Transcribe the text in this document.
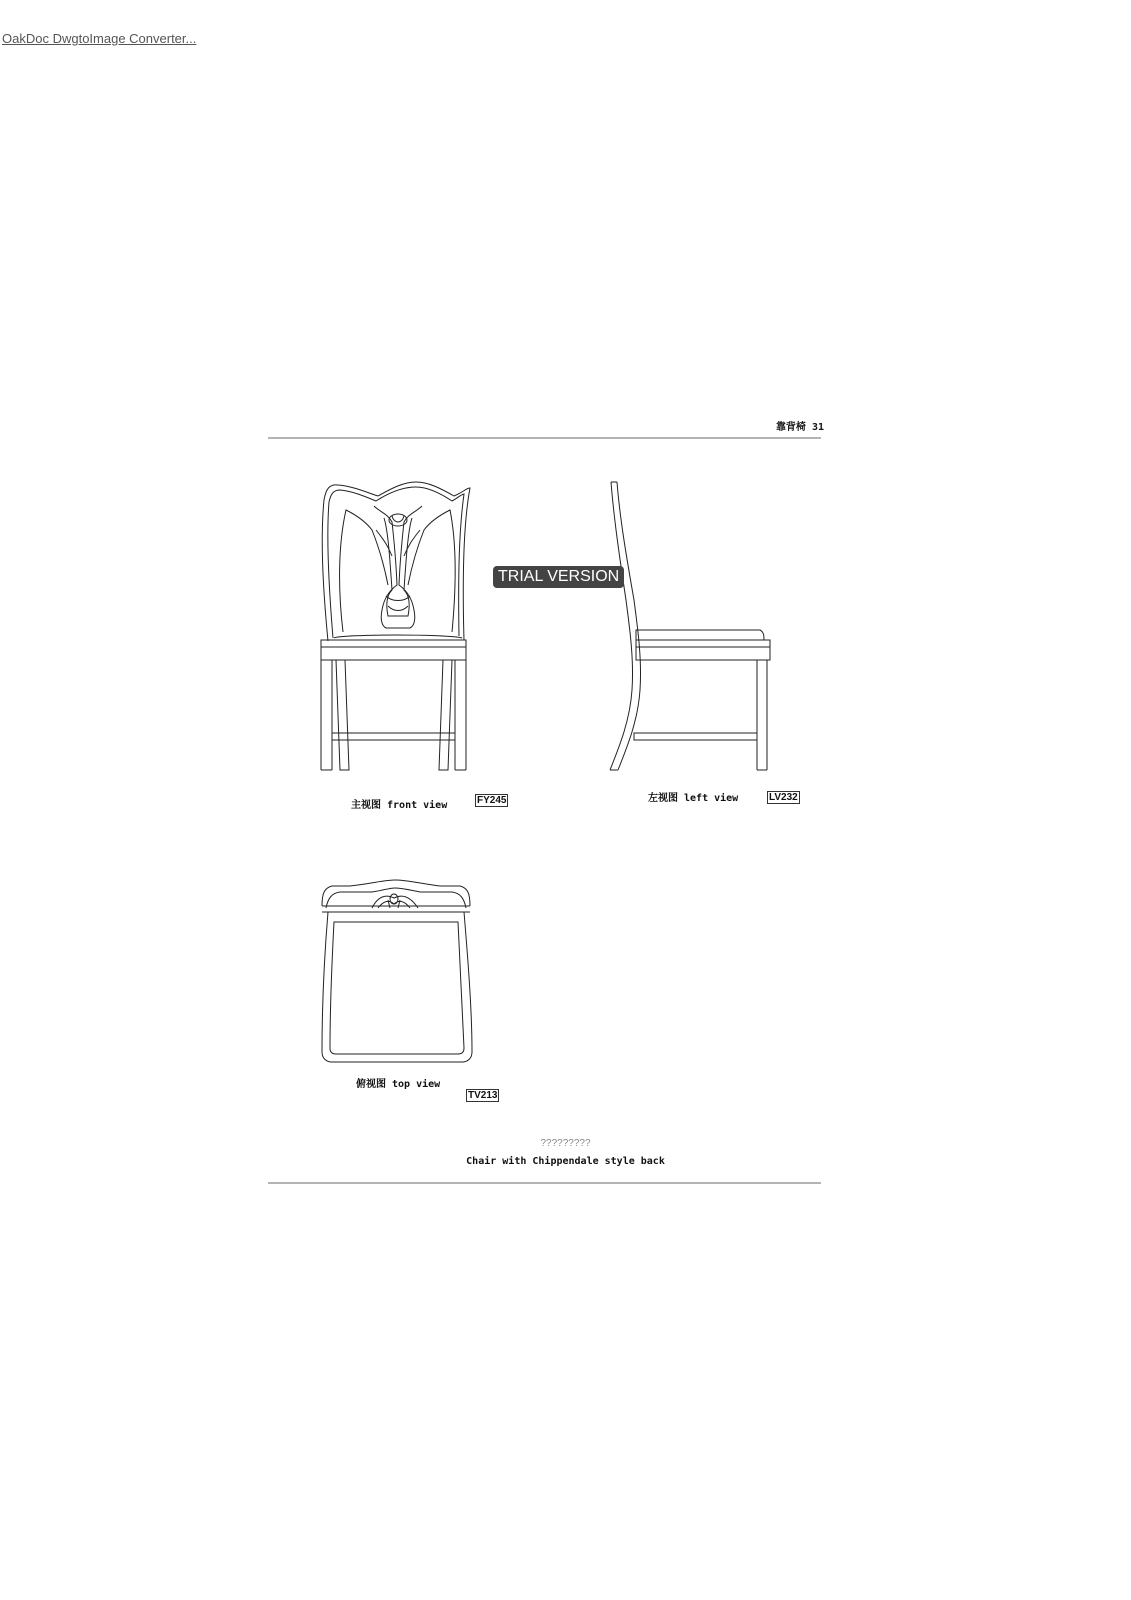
OakDoc DwgtoImage Converter...
靠背椅 31
TRIAL VERSION
主视图 front view	FY245	左视图 left view	LV232
俯视图 top view
TV213
?????????
Chair with Chippendale style back
